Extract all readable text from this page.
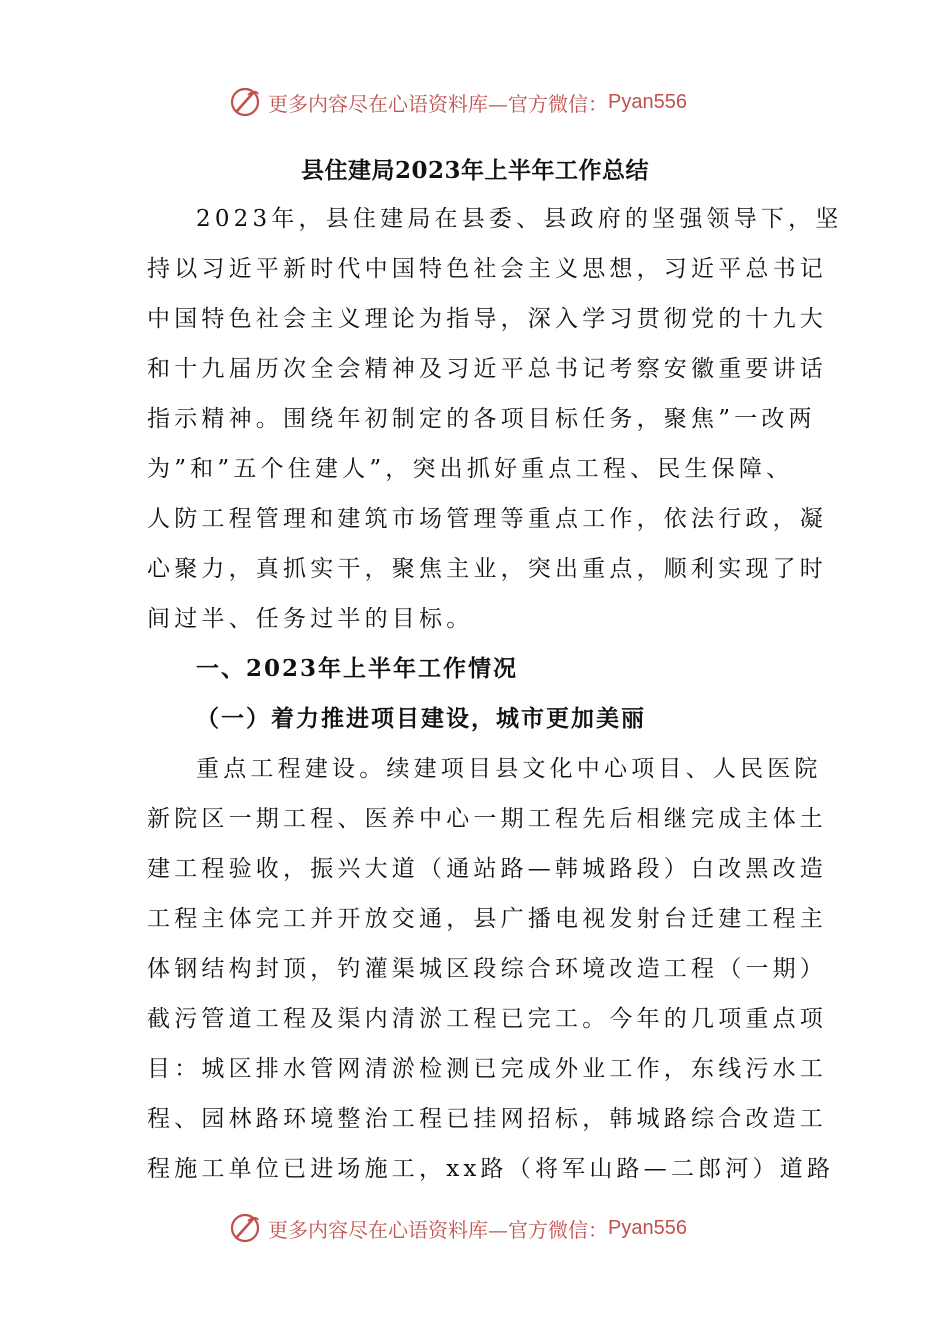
更多内容尽在心语资料库—官方微信： Pyan556
县住建局2023年上半年工作总结
2023年，县住建局在县委、县政府的坚强领导下，坚
持以习近平新时代中国特色社会主义思想，习近平总书记
中国特色社会主义理论为指导，深入学习贯彻党的十九大
和十九届历次全会精神及习近平总书记考察安徽重要讲话
指示精神。围绕年初制定的各项目标任务，聚焦”一改两
为”和”五个住建人”，突出抓好重点工程、民生保障、
人防工程管理和建筑市场管理等重点工作，依法行政，凝
心聚力，真抓实干，聚焦主业，突出重点，顺利实现了时
间过半、任务过半的目标。
一、2023年上半年工作情况
（一）着力推进项目建设，城市更加美丽
重点工程建设。续建项目县文化中心项目、人民医院
新院区一期工程、医养中心一期工程先后相继完成主体土
建工程验收，振兴大道（通站路—韩城路段）白改黑改造
工程主体完工并开放交通，县广播电视发射台迁建工程主
体钢结构封顶，钓灌渠城区段综合环境改造工程（一期）
截污管道工程及渠内清淤工程已完工。今年的几项重点项
目：城区排水管网清淤检测已完成外业工作，东线污水工
程、园林路环境整治工程已挂网招标，韩城路综合改造工
程施工单位已进场施工，xx路（将军山路—二郎河）道路
更多内容尽在心语资料库—官方微信： Pyan556
